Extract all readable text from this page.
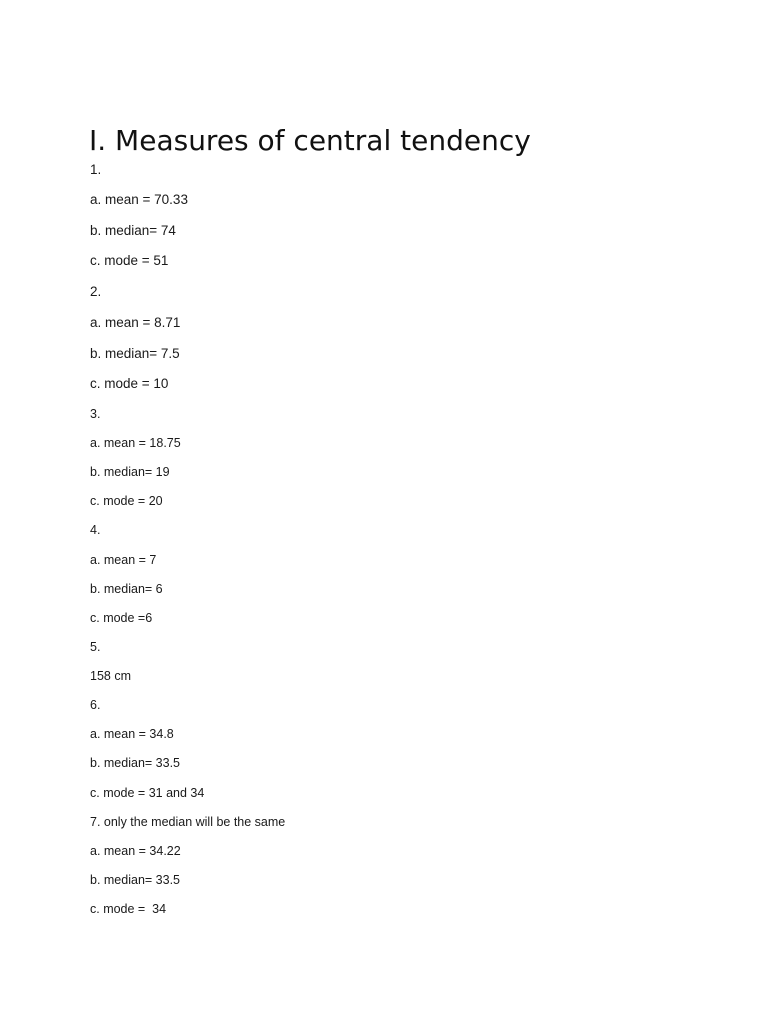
I. Measures of central tendency
1.
a. mean = 70.33
b. median= 74
c. mode = 51
2.
a. mean = 8.71
b. median= 7.5
c. mode = 10
3.
a. mean = 18.75
b. median= 19
c. mode = 20
4.
a. mean = 7
b. median= 6
c. mode =6
5.
158 cm
6.
a. mean = 34.8
b. median= 33.5
c. mode = 31 and 34
7. only the median will be the same
a. mean = 34.22
b. median= 33.5
c. mode =  34
